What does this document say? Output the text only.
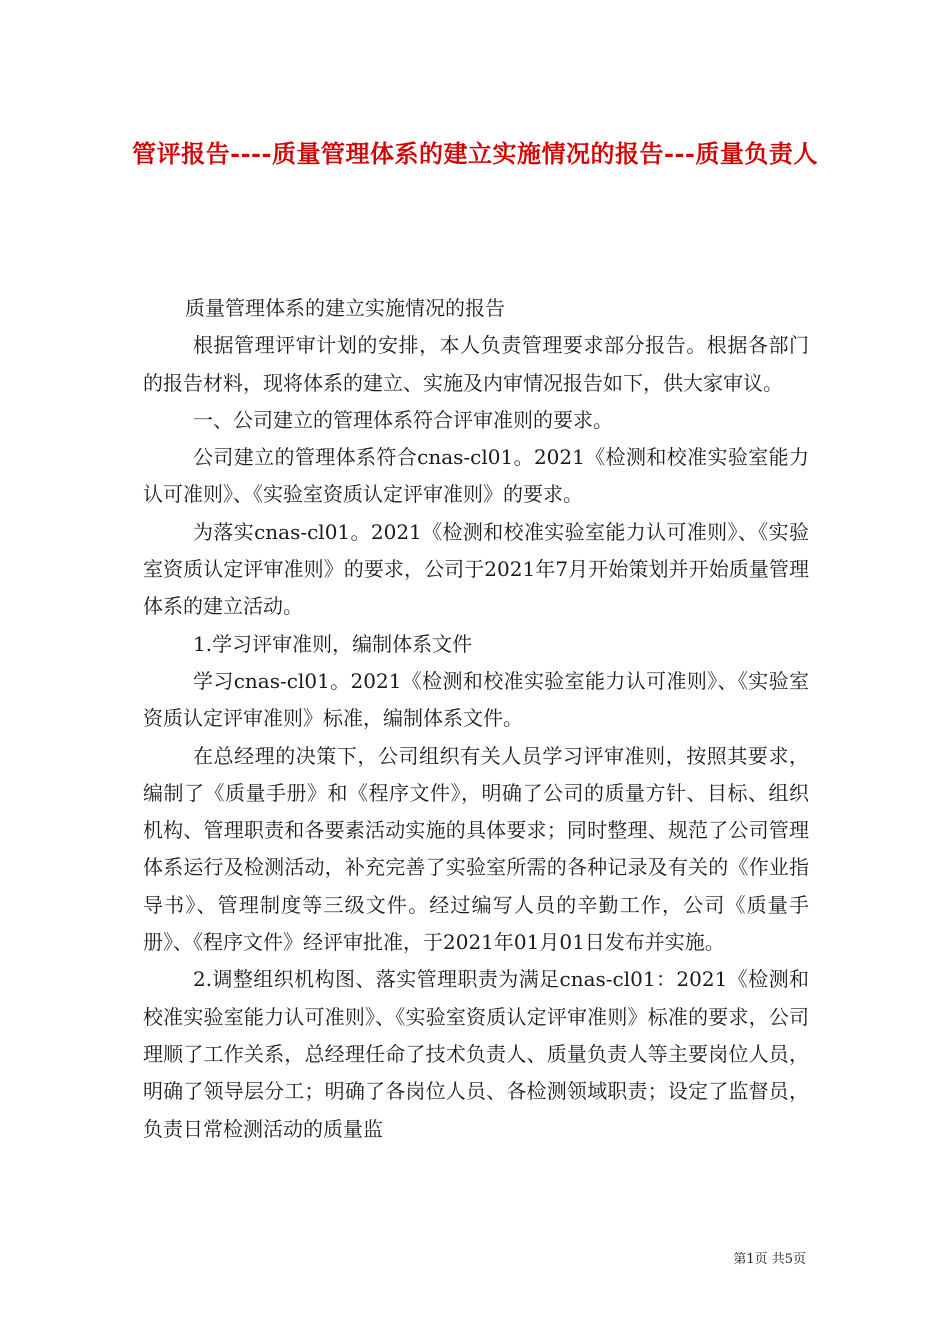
管评报告----质量管理体系的建立实施情况的报告---质量负责人

质量管理体系的建立实施情况的报告

根据管理评审计划的安排，本人负责管理要求部分报告。根据各部门的报告材料，现将体系的建立、实施及内审情况报告如下，供大家审议。

一、公司建立的管理体系符合评审准则的要求。

公司建立的管理体系符合cnas-cl01。2021《检测和校准实验室能力认可准则》、《实验室资质认定评审准则》的要求。

为落实cnas-cl01。2021《检测和校准实验室能力认可准则》、《实验室资质认定评审准则》的要求，公司于2021年7月开始策划并开始质量管理体系的建立活动。

1.学习评审准则，编制体系文件

学习cnas-cl01。2021《检测和校准实验室能力认可准则》、《实验室资质认定评审准则》标准，编制体系文件。

在总经理的决策下，公司组织有关人员学习评审准则，按照其要求，编制了《质量手册》和《程序文件》，明确了公司的质量方针、目标、组织机构、管理职责和各要素活动实施的具体要求；同时整理、规范了公司管理体系运行及检测活动，补充完善了实验室所需的各种记录及有关的《作业指导书》、管理制度等三级文件。经过编写人员的辛勤工作，公司《质量手册》、《程序文件》经评审批准，于2021年01月01日发布并实施。

2.调整组织机构图、落实管理职责为满足cnas-cl01：2021《检测和校准实验室能力认可准则》、《实验室资质认定评审准则》标准的要求，公司理顺了工作关系，总经理任命了技术负责人、质量负责人等主要岗位人员，明确了领导层分工；明确了各岗位人员、各检测领域职责；设定了监督员，负责日常检测活动的质量监

第1页 共5页
